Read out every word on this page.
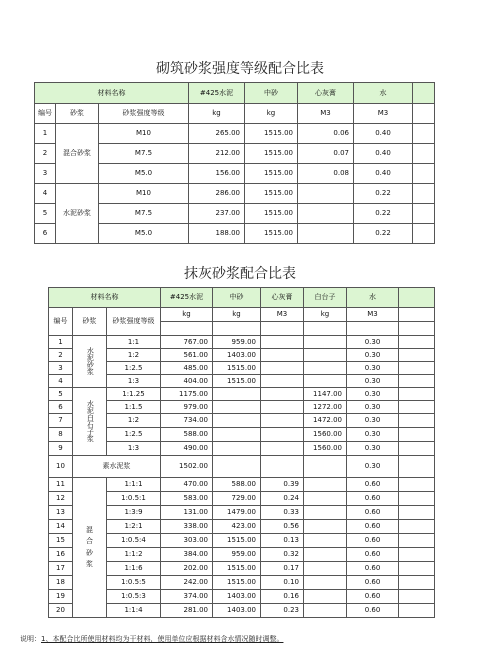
砌筑砂浆强度等级配合比表
材料名称			#425水泥	中砂	心灰膏	水	
编号	砂浆	砂浆强度等级	kg	kg	M3	M3	
1	混合砂浆	M10	265.00	1515.00	0.06	0.40	
2		M7.5	212.00	1515.00	0.07	0.40	
3		M5.0	156.00	1515.00	0.08	0.40	
4	水泥砂浆	M10	286.00	1515.00		0.22	
5		M7.5	237.00	1515.00		0.22	
6		M5.0	188.00	1515.00		0.22	
抹灰砂浆配合比表
材料名称			#425水泥	中砂	心灰膏	白台子	水	
编号	砂浆	砂浆强度等级	kg	kg	M3	kg	M3	

1	水泥砂浆	1:1	767.00	959.00			0.30	
2		1:2	561.00	1403.00			0.30	
3		1:2.5	485.00	1515.00			0.30	
4		1:3	404.00	1515.00			0.30	
5	水泥白石子浆	1:1.25	1175.00			1147.00	0.30	
6		1:1.5	979.00			1272.00	0.30	
7		1:2	734.00			1472.00	0.30	
8		1:2.5	588.00			1560.00	0.30	
9		1:3	490.00			1560.00	0.30	
10	素水泥浆		1502.00				0.30	
11	混合砂浆	1:1:1	470.00	588.00	0.39		0.60	
12		1:0.5:1	583.00	729.00	0.24		0.60	
13		1:3:9	131.00	1479.00	0.33		0.60	
14		1:2:1	338.00	423.00	0.56		0.60	
15		1:0.5:4	303.00	1515.00	0.13		0.60	
16		1:1:2	384.00	959.00	0.32		0.60	
17		1:1:6	202.00	1515.00	0.17		0.60	
18		1:0.5:5	242.00	1515.00	0.10		0.60	
19		1:0.5:3	374.00	1403.00	0.16		0.60	
20		1:1:4	281.00	1403.00	0.23		0.60	
说明：1、本配合比所使用材料均为干材料，使用单位应根据材料含水情况随时调整。
